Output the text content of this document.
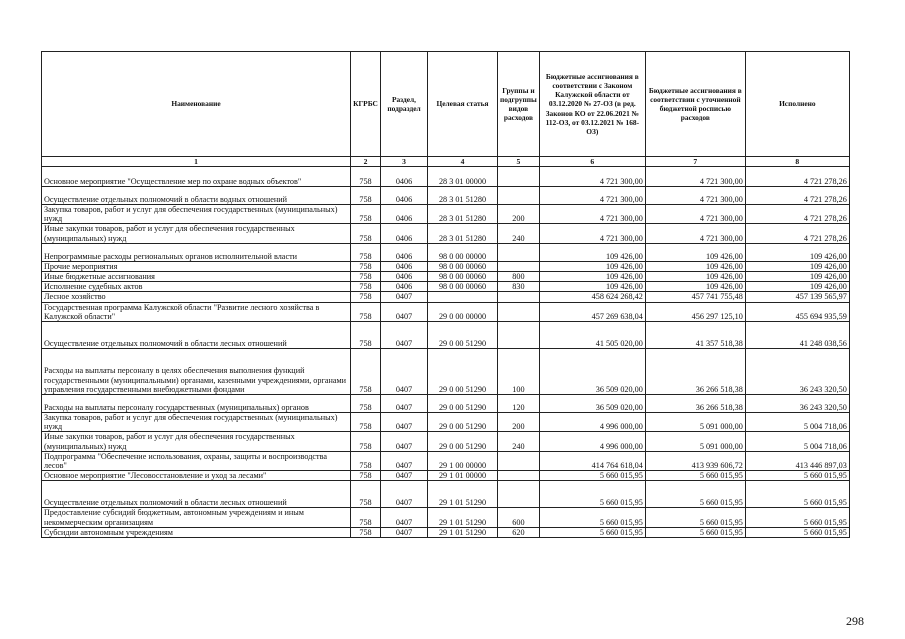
Наименование	КГРБС	Раздел, подраздел	Целевая статья	Группы и подгруппы видов расходов	Бюджетные ассигнования в соответствии с Законом Калужской области от 03.12.2020 № 27-ОЗ (в ред. Законов КО от 22.06.2021 № 112-ОЗ, от 03.12.2021 № 168-ОЗ)	Бюджетные ассигнования в соответствии с уточненной бюджетной росписью расходов	Исполнено
1	2	3	4	5	6	7	8
Основное мероприятие "Осуществление мер по охране водных объектов"	758	0406	28 3 01 00000		4 721 300,00	4 721 300,00	4 721 278,26
Осуществление отдельных полномочий в области водных отношений	758	0406	28 3 01 51280		4 721 300,00	4 721 300,00	4 721 278,26
Закупка товаров, работ и услуг для обеспечения государственных (муниципальных) нужд	758	0406	28 3 01 51280	200	4 721 300,00	4 721 300,00	4 721 278,26
Иные закупки товаров, работ и услуг для обеспечения государственных (муниципальных) нужд	758	0406	28 3 01 51280	240	4 721 300,00	4 721 300,00	4 721 278,26
Непрограммные расходы региональных органов исполнительной власти	758	0406	98 0 00 00000		109 426,00	109 426,00	109 426,00
Прочие мероприятия	758	0406	98 0 00 00060		109 426,00	109 426,00	109 426,00
Иные бюджетные ассигнования	758	0406	98 0 00 00060	800	109 426,00	109 426,00	109 426,00
Исполнение судебных актов	758	0406	98 0 00 00060	830	109 426,00	109 426,00	109 426,00
Лесное хозяйство	758	0407			458 624 268,42	457 741 755,48	457 139 565,97
Государственная программа Калужской области "Развитие лесного хозяйства в Калужской области"	758	0407	29 0 00 00000		457 269 638,04	456 297 125,10	455 694 935,59
Осуществление отдельных полномочий в области лесных отношений	758	0407	29 0 00 51290		41 505 020,00	41 357 518,38	41 248 038,56
Расходы на выплаты персоналу в целях обеспечения выполнения функций государственными (муниципальными) органами, казенными учреждениями, органами управления государственными внебюджетными фондами	758	0407	29 0 00 51290	100	36 509 020,00	36 266 518,38	36 243 320,50
Расходы на выплаты персоналу государственных (муниципальных) органов	758	0407	29 0 00 51290	120	36 509 020,00	36 266 518,38	36 243 320,50
Закупка товаров, работ и услуг для обеспечения государственных (муниципальных) нужд	758	0407	29 0 00 51290	200	4 996 000,00	5 091 000,00	5 004 718,06
Иные закупки товаров, работ и услуг для обеспечения государственных (муниципальных) нужд	758	0407	29 0 00 51290	240	4 996 000,00	5 091 000,00	5 004 718,06
Подпрограмма "Обеспечение использования, охраны, защиты и воспроизводства лесов"	758	0407	29 1 00 00000		414 764 618,04	413 939 606,72	413 446 897,03
Основное мероприятие "Лесовосстановление и уход за лесами"	758	0407	29 1 01 00000		5 660 015,95	5 660 015,95	5 660 015,95
Осуществление отдельных полномочий в области лесных отношений	758	0407	29 1 01 51290		5 660 015,95	5 660 015,95	5 660 015,95
Предоставление субсидий бюджетным, автономным учреждениям и иным некоммерческим организациям	758	0407	29 1 01 51290	600	5 660 015,95	5 660 015,95	5 660 015,95
Субсидии автономным учреждениям	758	0407	29 1 01 51290	620	5 660 015,95	5 660 015,95	5 660 015,95
298
